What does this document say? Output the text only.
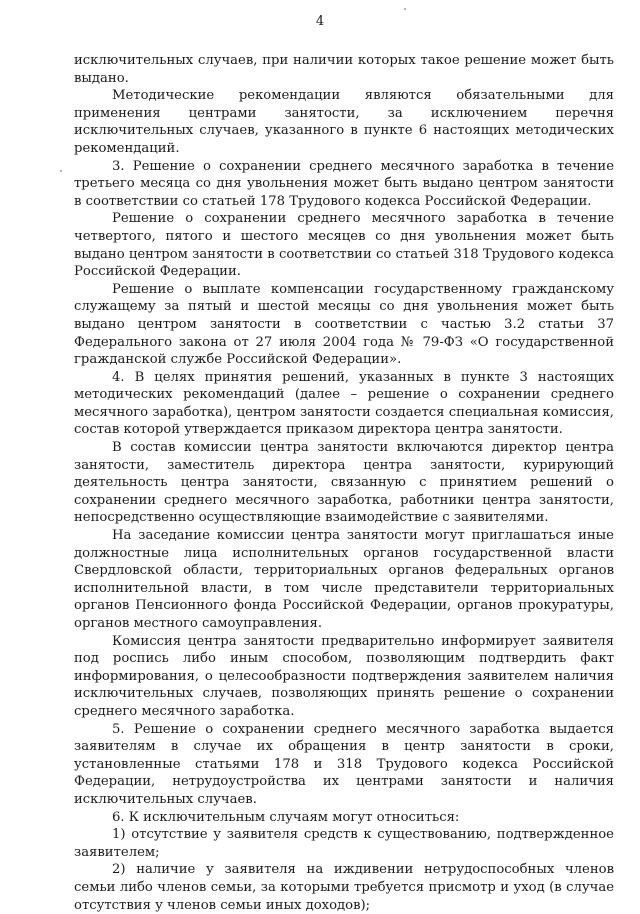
4

исключительных случаев, при наличии которых такое решение может быть выдано.

Методические рекомендации являются обязательными для применения центрами занятости, за исключением перечня исключительных случаев, указанного в пункте 6 настоящих методических рекомендаций.

3. Решение о сохранении среднего месячного заработка в течение третьего месяца со дня увольнения может быть выдано центром занятости в соответствии со статьей 178 Трудового кодекса Российской Федерации.

Решение о сохранении среднего месячного заработка в течение четвертого, пятого и шестого месяцев со дня увольнения может быть выдано центром занятости в соответствии со статьей 318 Трудового кодекса Российской Федерации.

Решение о выплате компенсации государственному гражданскому служащему за пятый и шестой месяцы со дня увольнения может быть выдано центром занятости в соответствии с частью 3.2 статьи 37 Федерального закона от 27 июля 2004 года № 79-ФЗ «О государственной гражданской службе Российской Федерации».

4. В целях принятия решений, указанных в пункте 3 настоящих методических рекомендаций (далее – решение о сохранении среднего месячного заработка), центром занятости создается специальная комиссия, состав которой утверждается приказом директора центра занятости.

В состав комиссии центра занятости включаются директор центра занятости, заместитель директора центра занятости, курирующий деятельность центра занятости, связанную с принятием решений о сохранении среднего месячного заработка, работники центра занятости, непосредственно осуществляющие взаимодействие с заявителями.

На заседание комиссии центра занятости могут приглашаться иные должностные лица исполнительных органов государственной власти Свердловской области, территориальных органов федеральных органов исполнительной власти, в том числе представители территориальных органов Пенсионного фонда Российской Федерации, органов прокуратуры, органов местного самоуправления.

Комиссия центра занятости предварительно информирует заявителя под роспись либо иным способом, позволяющим подтвердить факт информирования, о целесообразности подтверждения заявителем наличия исключительных случаев, позволяющих принять решение о сохранении среднего месячного заработка.

5. Решение о сохранении среднего месячного заработка выдается заявителям в случае их обращения в центр занятости в сроки, установленные статьями 178 и 318 Трудового кодекса Российской Федерации, нетрудоустройства их центрами занятости и наличия исключительных случаев.

6. К исключительным случаям могут относиться:

1) отсутствие у заявителя средств к существованию, подтвержденное заявителем;

2) наличие у заявителя на иждивении нетрудоспособных членов семьи либо членов семьи, за которыми требуется присмотр и уход (в случае отсутствия у членов семьи иных доходов);
